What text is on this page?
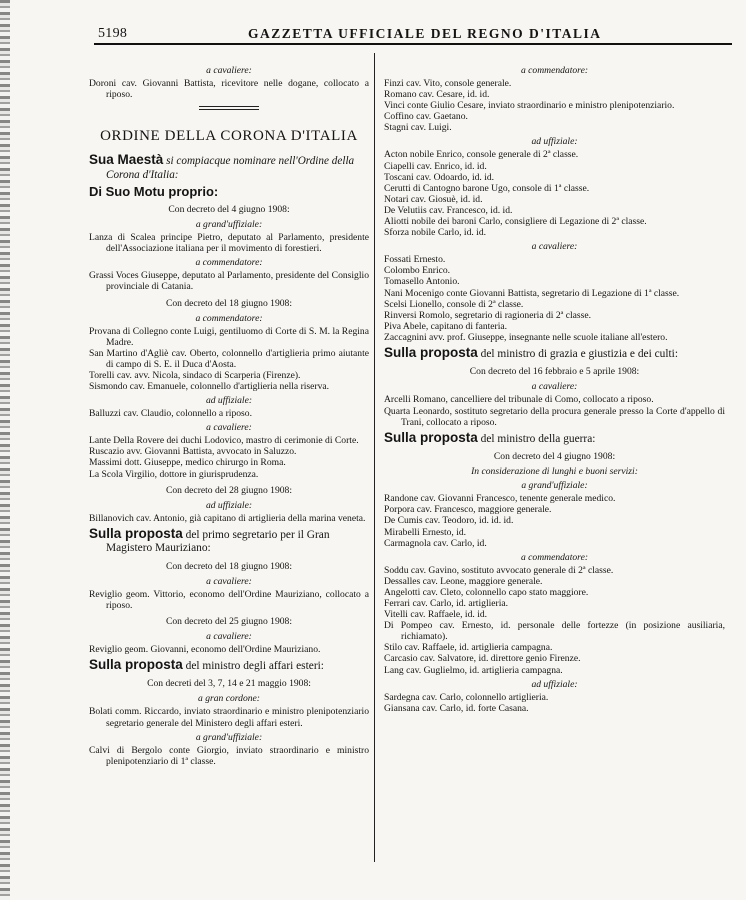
5198	GAZZETTA UFFICIALE DEL REGNO D'ITALIA

a cavaliere:

Doroni cav. Giovanni Battista, ricevitore nelle dogane, collocato a riposo.

ORDINE DELLA CORONA D'ITALIA

Sua Maestà si compiacque nominare nell'Ordine della Corona d'Italia:

Di Suo Motu proprio:

Con decreto del 4 giugno 1908:

a grand'uffiziale:

Lanza di Scalea principe Pietro, deputato al Parlamento, presidente dell'Associazione italiana per il movimento di forestieri.

a commendatore:

Grassi Voces Giuseppe, deputato al Parlamento, presidente del Consiglio provinciale di Catania.

Con decreto del 18 giugno 1908:

a commendatore:

Provana di Collegno conte Luigi, gentiluomo di Corte di S. M. la Regina Madre.

San Martino d'Agliè cav. Oberto, colonnello d'artiglieria primo aiutante di campo di S. E. il Duca d'Aosta.

Torelli cav. avv. Nicola, sindaco di Scarperia (Firenze).

Sismondo cav. Emanuele, colonnello d'artiglieria nella riserva.

ad uffiziale:

Balluzzi cav. Claudio, colonnello a riposo.

a cavaliere:

Lante Della Rovere dei duchi Lodovico, mastro di cerimonie di Corte.

Ruscazio avv. Giovanni Battista, avvocato in Saluzzo.

Massimi dott. Giuseppe, medico chirurgo in Roma.

La Scola Virgilio, dottore in giurisprudenza.

Con decreto del 28 giugno 1908:

ad uffiziale:

Billanovich cav. Antonio, già capitano di artiglieria della marina veneta.

Sulla proposta del primo segretario per il Gran Magistero Mauriziano:

Con decreto del 18 giugno 1908:

a cavaliere:

Reviglio geom. Vittorio, economo dell'Ordine Mauriziano, collocato a riposo.

Con decreto del 25 giugno 1908:

a cavaliere:

Reviglio geom. Giovanni, economo dell'Ordine Mauriziano.

Sulla proposta del ministro degli affari esteri:

Con decreti del 3, 7, 14 e 21 maggio 1908:

a gran cordone:

Bolati comm. Riccardo, inviato straordinario e ministro plenipotenziario segretario generale del Ministero degli affari esteri.

a grand'uffiziale:

Calvi di Bergolo conte Giorgio, inviato straordinario e ministro plenipotenziario di 1ª classe.

a commendatore:

Finzi cav. Vito, console generale.

Romano cav. Cesare, id. id.

Vinci conte Giulio Cesare, inviato straordinario e ministro plenipotenziario.

Coffino cav. Gaetano.

Stagni cav. Luigi.

ad uffiziale:

Acton nobile Enrico, console generale di 2ª classe.

Ciapelli cav. Enrico, id. id.

Toscani cav. Odoardo, id. id.

Cerutti di Cantogno barone Ugo, console di 1ª classe.

Notari cav. Giosuè, id. id.

De Velutiis cav. Francesco, id. id.

Aliotti nobile dei baroni Carlo, consigliere di Legazione di 2ª classe.

Sforza nobile Carlo, id. id.

a cavaliere:

Fossati Ernesto.

Colombo Enrico.

Tomasello Antonio.

Nani Mocenigo conte Giovanni Battista, segretario di Legazione di 1ª classe.

Scelsi Lionello, console di 2ª classe.

Rinversi Romolo, segretario di ragioneria di 2ª classe.

Piva Abele, capitano di fanteria.

Zaccagnini avv. prof. Giuseppe, insegnante nelle scuole italiane all'estero.

Sulla proposta del ministro di grazia e giustizia e dei culti:

Con decreto del 16 febbraio e 5 aprile 1908:

a cavaliere:

Arcelli Romano, cancelliere del tribunale di Como, collocato a riposo.

Quarta Leonardo, sostituto segretario della procura generale presso la Corte d'appello di Trani, collocato a riposo.

Sulla proposta del ministro della guerra:

Con decreto del 4 giugno 1908:

In considerazione di lunghi e buoni servizi:

a grand'uffiziale:

Randone cav. Giovanni Francesco, tenente generale medico.

Porpora cav. Francesco, maggiore generale.

De Cumis cav. Teodoro, id. id. id.

Mirabelli Ernesto, id.

Carmagnola cav. Carlo, id.

a commendatore:

Soddu cav. Gavino, sostituto avvocato generale di 2ª classe.

Dessalles cav. Leone, maggiore generale.

Angelotti cav. Cleto, colonnello capo stato maggiore.

Ferrari cav. Carlo, id. artiglieria.

Vitelli cav. Raffaele, id. id.

Di Pompeo cav. Ernesto, id. personale delle fortezze (in posizione ausiliaria, richiamato).

Stilo cav. Raffaele, id. artiglieria campagna.

Carcasio cav. Salvatore, id. direttore genio Firenze.

Lang cav. Guglielmo, id. artiglieria campagna.

ad uffiziale:

Sardegna cav. Carlo, colonnello artiglieria.

Giansana cav. Carlo, id. forte Casana.
